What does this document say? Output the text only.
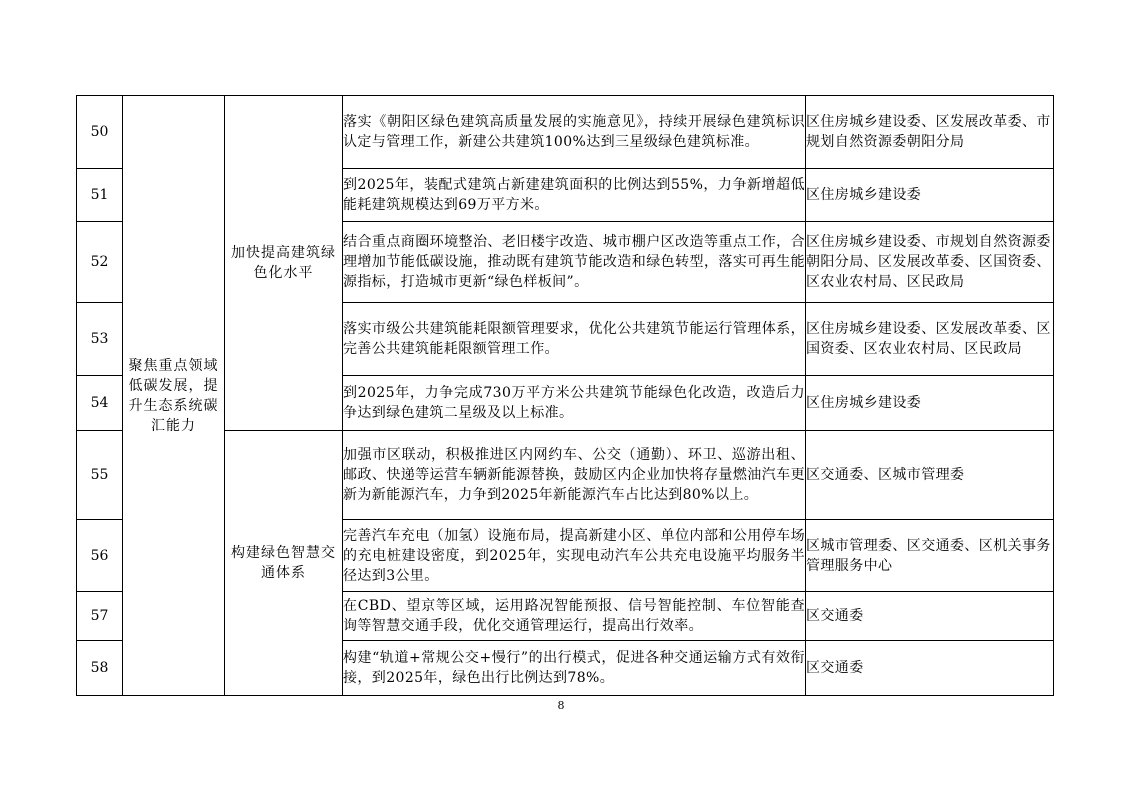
50	聚焦重点领域低碳发展，提升生态系统碳汇能力	加快提高建筑绿色化水平	落实《朝阳区绿色建筑高质量发展的实施意见》，持续开展绿色建筑标识认定与管理工作，新建公共建筑100%达到三星级绿色建筑标准。	区住房城乡建设委、区发展改革委、市规划自然资源委朝阳分局
51			到2025年，装配式建筑占新建建筑面积的比例达到55%，力争新增超低能耗建筑规模达到69万平方米。	区住房城乡建设委
52			结合重点商圈环境整治、老旧楼宇改造、城市棚户区改造等重点工作，合理增加节能低碳设施，推动既有建筑节能改造和绿色转型，落实可再生能源指标，打造城市更新“绿色样板间”。	区住房城乡建设委、市规划自然资源委朝阳分局、区发展改革委、区国资委、区农业农村局、区民政局
53			落实市级公共建筑能耗限额管理要求，优化公共建筑节能运行管理体系，完善公共建筑能耗限额管理工作。	区住房城乡建设委、区发展改革委、区国资委、区农业农村局、区民政局
54			到2025年，力争完成730万平方米公共建筑节能绿色化改造，改造后力争达到绿色建筑二星级及以上标准。	区住房城乡建设委
55		构建绿色智慧交通体系	加强市区联动，积极推进区内网约车、公交（通勤）、环卫、巡游出租、邮政、快递等运营车辆新能源替换，鼓励区内企业加快将存量燃油汽车更新为新能源汽车，力争到2025年新能源汽车占比达到80%以上。	区交通委、区城市管理委
56			完善汽车充电（加氢）设施布局，提高新建小区、单位内部和公用停车场的充电桩建设密度，到2025年，实现电动汽车公共充电设施平均服务半径达到3公里。	区城市管理委、区交通委、区机关事务管理服务中心
57			在CBD、望京等区域，运用路况智能预报、信号智能控制、车位智能查询等智慧交通手段，优化交通管理运行，提高出行效率。	区交通委
58			构建“轨道+常规公交+慢行”的出行模式，促进各种交通运输方式有效衔接，到2025年，绿色出行比例达到78%。	区交通委
8
